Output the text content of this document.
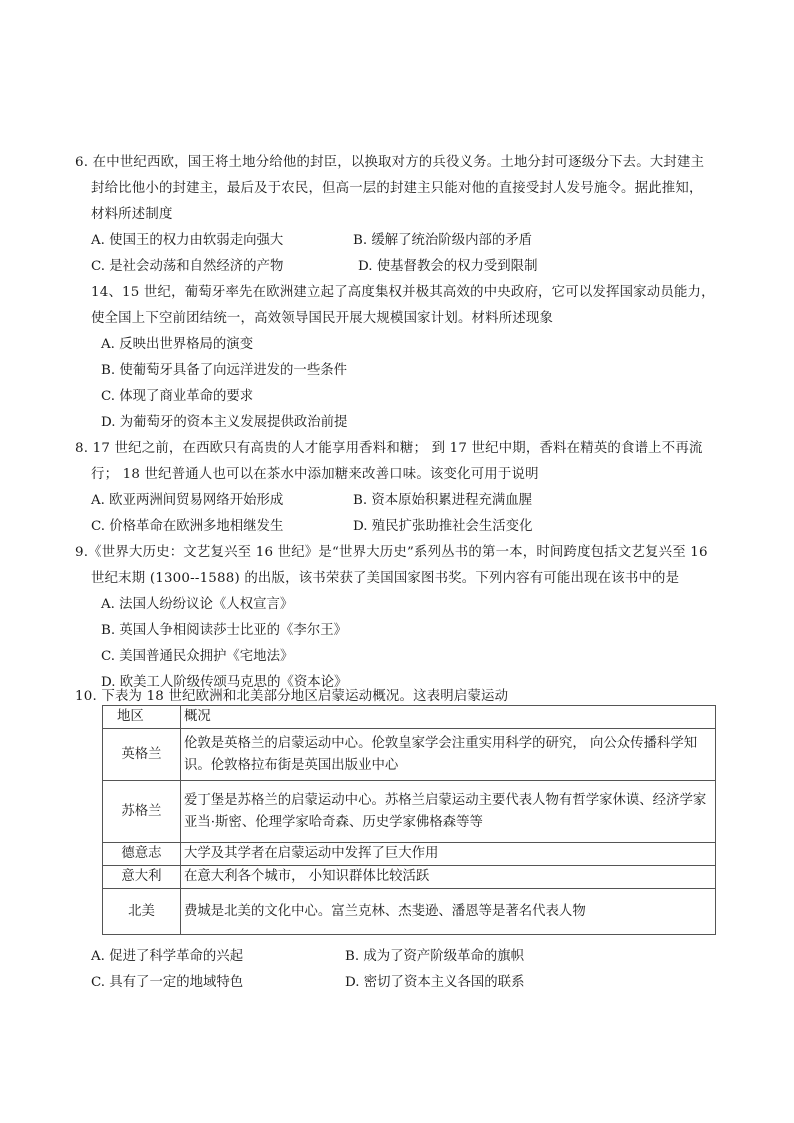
6. 在中世纪西欧，国王将土地分给他的封臣，以换取对方的兵役义务。土地分封可逐级分下去。大封建主
封给比他小的封建主，最后及于农民，但高一层的封建主只能对他的直接受封人发号施令。据此推知，
材料所述制度
A. 使国王的权力由软弱走向强大	B. 缓解了统治阶级内部的矛盾
C. 是社会动荡和自然经济的产物	D. 使基督教会的权力受到限制
14、15 世纪，葡萄牙率先在欧洲建立起了高度集权并极其高效的中央政府，它可以发挥国家动员能力，
使全国上下空前团结统一，高效领导国民开展大规模国家计划。材料所述现象
A. 反映出世界格局的演变
B. 使葡萄牙具备了向远洋进发的一些条件
C. 体现了商业革命的要求
D. 为葡萄牙的资本主义发展提供政治前提
8. 17 世纪之前，在西欧只有高贵的人才能享用香料和糖； 到 17 世纪中期，香料在精英的食谱上不再流
行； 18 世纪普通人也可以在茶水中添加糖来改善口味。该变化可用于说明
A. 欧亚两洲间贸易网络开始形成	B. 资本原始积累进程充满血腥
C. 价格革命在欧洲多地相继发生	D. 殖民扩张助推社会生活变化
9.《世界大历史：文艺复兴至 16 世纪》是“世界大历史”系列丛书的第一本，时间跨度包括文艺复兴至 16
世纪末期 (1300--1588) 的出版，该书荣获了美国国家图书奖。下列内容有可能出现在该书中的是
A. 法国人纷纷议论《人权宣言》
B. 英国人争相阅读莎士比亚的《李尔王》
C. 美国普通民众拥护《宅地法》
D. 欧美工人阶级传颂马克思的《资本论》
10. 下表为 18 世纪欧洲和北美部分地区启蒙运动概况。这表明启蒙运动
地区	概况
英格兰	伦敦是英格兰的启蒙运动中心。伦敦皇家学会注重实用科学的研究， 向公众传播科学知识。伦敦格拉布街是英国出版业中心
苏格兰	爱丁堡是苏格兰的启蒙运动中心。苏格兰启蒙运动主要代表人物有哲学家休谟、经济学家亚当·斯密、伦理学家哈奇森、历史学家佛格森等等
德意志	大学及其学者在启蒙运动中发挥了巨大作用
意大利	在意大利各个城市， 小知识群体比较活跃
北美	费城是北美的文化中心。富兰克林、杰斐逊、潘恩等是著名代表人物
A. 促进了科学革命的兴起	B. 成为了资产阶级革命的旗帜
C. 具有了一定的地域特色	D. 密切了资本主义各国的联系
